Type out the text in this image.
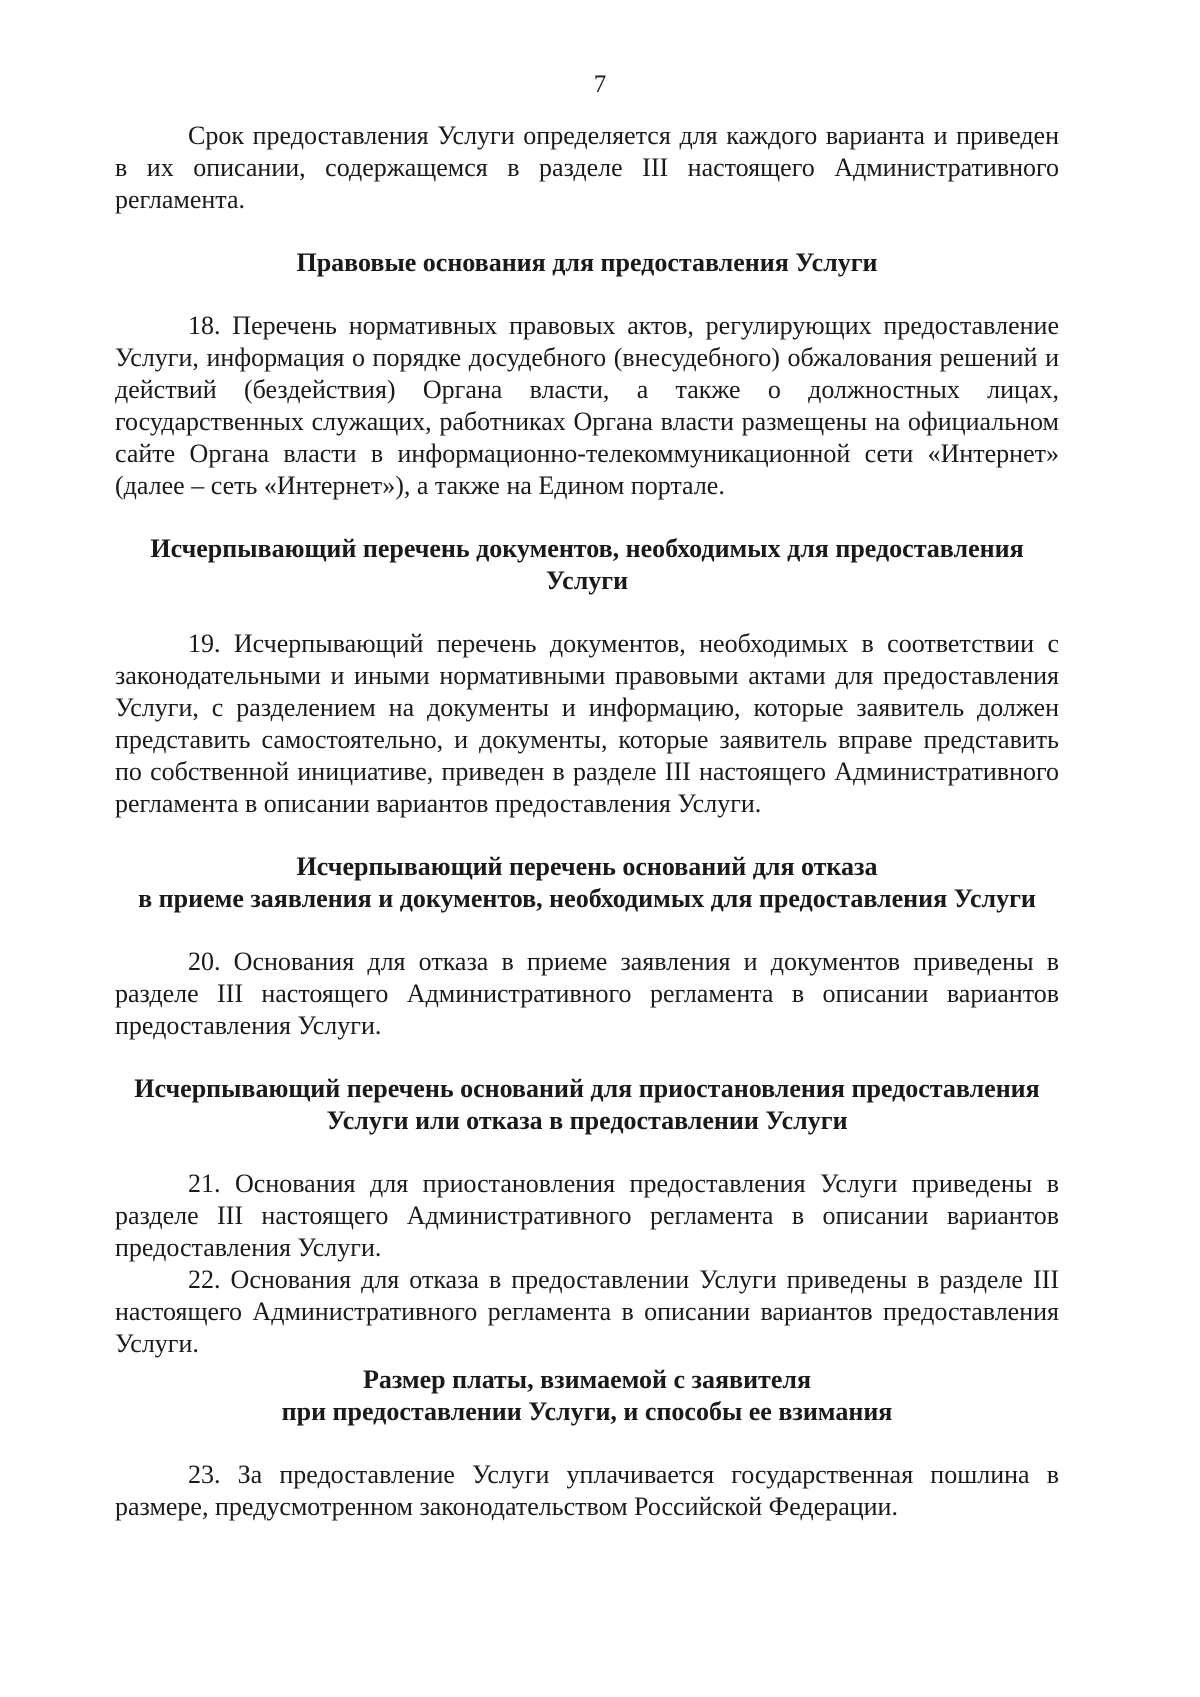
7

Срок предоставления Услуги определяется для каждого варианта и приведен в их описании, содержащемся в разделе III настоящего Административного регламента.

Правовые основания для предоставления Услуги

18. Перечень нормативных правовых актов, регулирующих предоставление Услуги, информация о порядке досудебного (внесудебного) обжалования решений и действий (бездействия) Органа власти, а также о должностных лицах, государственных служащих, работниках Органа власти размещены на официальном сайте Органа власти в информационно-телекоммуникационной сети «Интернет» (далее – сеть «Интернет»), а также на Едином портале.

Исчерпывающий перечень документов, необходимых для предоставления
Услуги

19. Исчерпывающий перечень документов, необходимых в соответствии с законодательными и иными нормативными правовыми актами для предоставления Услуги, с разделением на документы и информацию, которые заявитель должен представить самостоятельно, и документы, которые заявитель вправе представить по собственной инициативе, приведен в разделе III настоящего Административного регламента в описании вариантов предоставления Услуги.

Исчерпывающий перечень оснований для отказа
в приеме заявления и документов, необходимых для предоставления Услуги

20. Основания для отказа в приеме заявления и документов приведены в разделе III настоящего Административного регламента в описании вариантов предоставления Услуги.

Исчерпывающий перечень оснований для приостановления предоставления
Услуги или отказа в предоставлении Услуги

21. Основания для приостановления предоставления Услуги приведены в разделе III настоящего Административного регламента в описании вариантов предоставления Услуги.

22. Основания для отказа в предоставлении Услуги приведены в разделе III настоящего Административного регламента в описании вариантов предоставления Услуги.

Размер платы, взимаемой с заявителя
при предоставлении Услуги, и способы ее взимания

23. За предоставление Услуги уплачивается государственная пошлина в размере, предусмотренном законодательством Российской Федерации.
